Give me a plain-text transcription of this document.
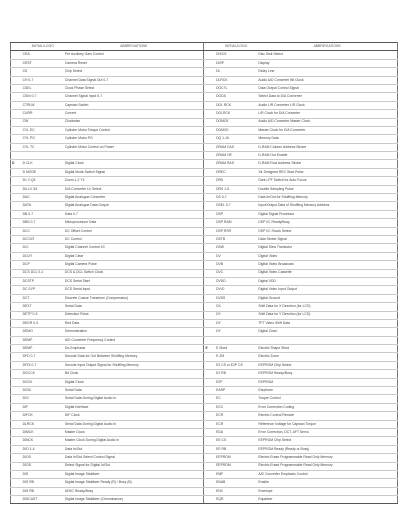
	INITIAL/LOGO	ABBREVIATIONS		INITIAL/LOGO	ABBREVIATIONS
	CRA	Pre Auxiliary Gain Control		DISCS	Disc Disk Select
	CRST	Camera Reset		DISP	Display
	CS	Chip Select		DL	Delay Line
	CH 0-7	Channel Data Signal Out 0-7		DLRCK	Audio A/D Converter Bit Clock
	CSEL	Clock Phase Select		DOCTL	Data Output Control Signal
	CSIN 0-7	Channel Signal Input 0-7		DODA	Select Data to D/A Converter
	CTRLW	Capstan Switch		DOL RCK	Audio L/R Converter L/R Clock
	CURR	Current		DOLRCK	L/R Clock for D/A Converter
	CW	Clockwise		DOMCK	Audio A/D Converter Master Clock
	CYL EC	Cylinder Motor Torque Control		DOMCK	Master Clock for D/A Converter
	CYL PG	Cylinder Motor PG		DQ 1-16	Memory Data
	CYL TC	Cylinder Motor Control on Power		DRAM CAS	D-RAM Column Address Strobe
				DRAM OE	D-RAM Out Enable
D	D CLK	Digital Clock		DRAM RAS	D-RAM Row Address Strobe
	D MODE	Digital Mode Switch Signal		DREC	Xtr Designed REC Start Pulse
	D1 Y-Q3	Zoom 1-2 Y3		DRK	Dark LPF Switch for Auto Focus
	DA LV 3/1	D/A Converter LV Select		DRS 1-5	Double Sampling Pulse
	DAC	Digital Analogue Converter		DS 0-7	Data In/Out for Shuffling Memory
	DATA	Digital Analogue Data Output		DSEL 0-7	Input/Output Data of Shuffling Memory Address
	DB 0-7	Data 0-7		DSP	Digital Signal Processor
	DBS 0-7	Microprocessor Data		DSP RAM	DSP I/C Ready/Busy
	DCC	DC Offset Control		DSP RSR	DSP I/C Shock Select
	DCCNT	DC Control		DSTB	Data Strobe Signal
	DCI	Digital Channel Control I/C		DSW	Digital Slew Transistor
	DCLR	Digital Clear		DV	Digital Video
	DCP	Digital Camera Pulse		DVB	Digital Video Broadcast
	DCS DCL 0-1	DCS & DCL Switch Clock		DVC	Digital Video Cassette
	DCSTP	DCS Serial Start		DVDD	Digital VDD
	DC SYP	DCS Serial Input		DVIO	Digital Video Input Output
	DCT	Discrete Cosine Transform (Compression)		DVSS	Digital Ground
	DEXT	Serial Data		DX	Shift Data for X Direction (for LCD)
	DETP 0-3	Detection Pulse		DY	Shift Data for Y Direction (for LCD)
	DEDR 0-3	Red Data		DY	TFT Video Shift Data
	DEMO	Demonstration		DY	Digital Zoom
	DEMP	A/D Converter Frequency Control			
	DEMP	De-Emphasis	E	E Shed	Electric Shape Shed
	DFD 0-7	Decode Data for Out Between Shuffling Memory		E ZM	Electric Zoom
	DFDI 0-7	Decode Input Output Signal for Shuffling Memory		E2 CS or E2P CS	EEPROM Chip Select
	DGCCK	Bit Clock		E2 RB	EEPROM Ready/Busy
	DGCK	Digital Clock		E2P	EEPROM
	DGDI	Serial Data		EARP	Earphone
	DGI	Serial Data During Digital Audio In		EC	Torque Control
	DIF	Digital Interface		ECC	Error Correction Coding
	DIFCK	DIF Clock		ECR	Electric Control Remote
	DLRCK	Serial Data During Digital Audio In		ECR	Reference Voltage for Capstan Torque
	DIMCK	Master Clock		EDA	Error Correction, DCT, AFT Servo
	DINCK	Master Clock During Digital Audio In		EE CS	EEPROM Chip Select
	DIO 1-4	Data In/Out		EE RB	EEPROM Ready (Ready or Busy)
	DIOS	Data In/Out Select Control Signal		EEPROM	Electric Erase Programmable Read Only Memory
	DIOS	Select Signal for Digital In/Out		EEPROM	Electric Erase Programmable Read Only Memory
	DIS	Digital Image Stabilizer		EMF	A/D Converter Emphasis Control
	DIS RB	Digital Image Stabilizer Ready (R) / Busy (B)		ENAB	Enable
	DIS RB	DISIC Ready/Busy		ENV	Envelope
	DISCAST	Digital Image Stabilizer (Chrominance)		EQR	Equalizer
